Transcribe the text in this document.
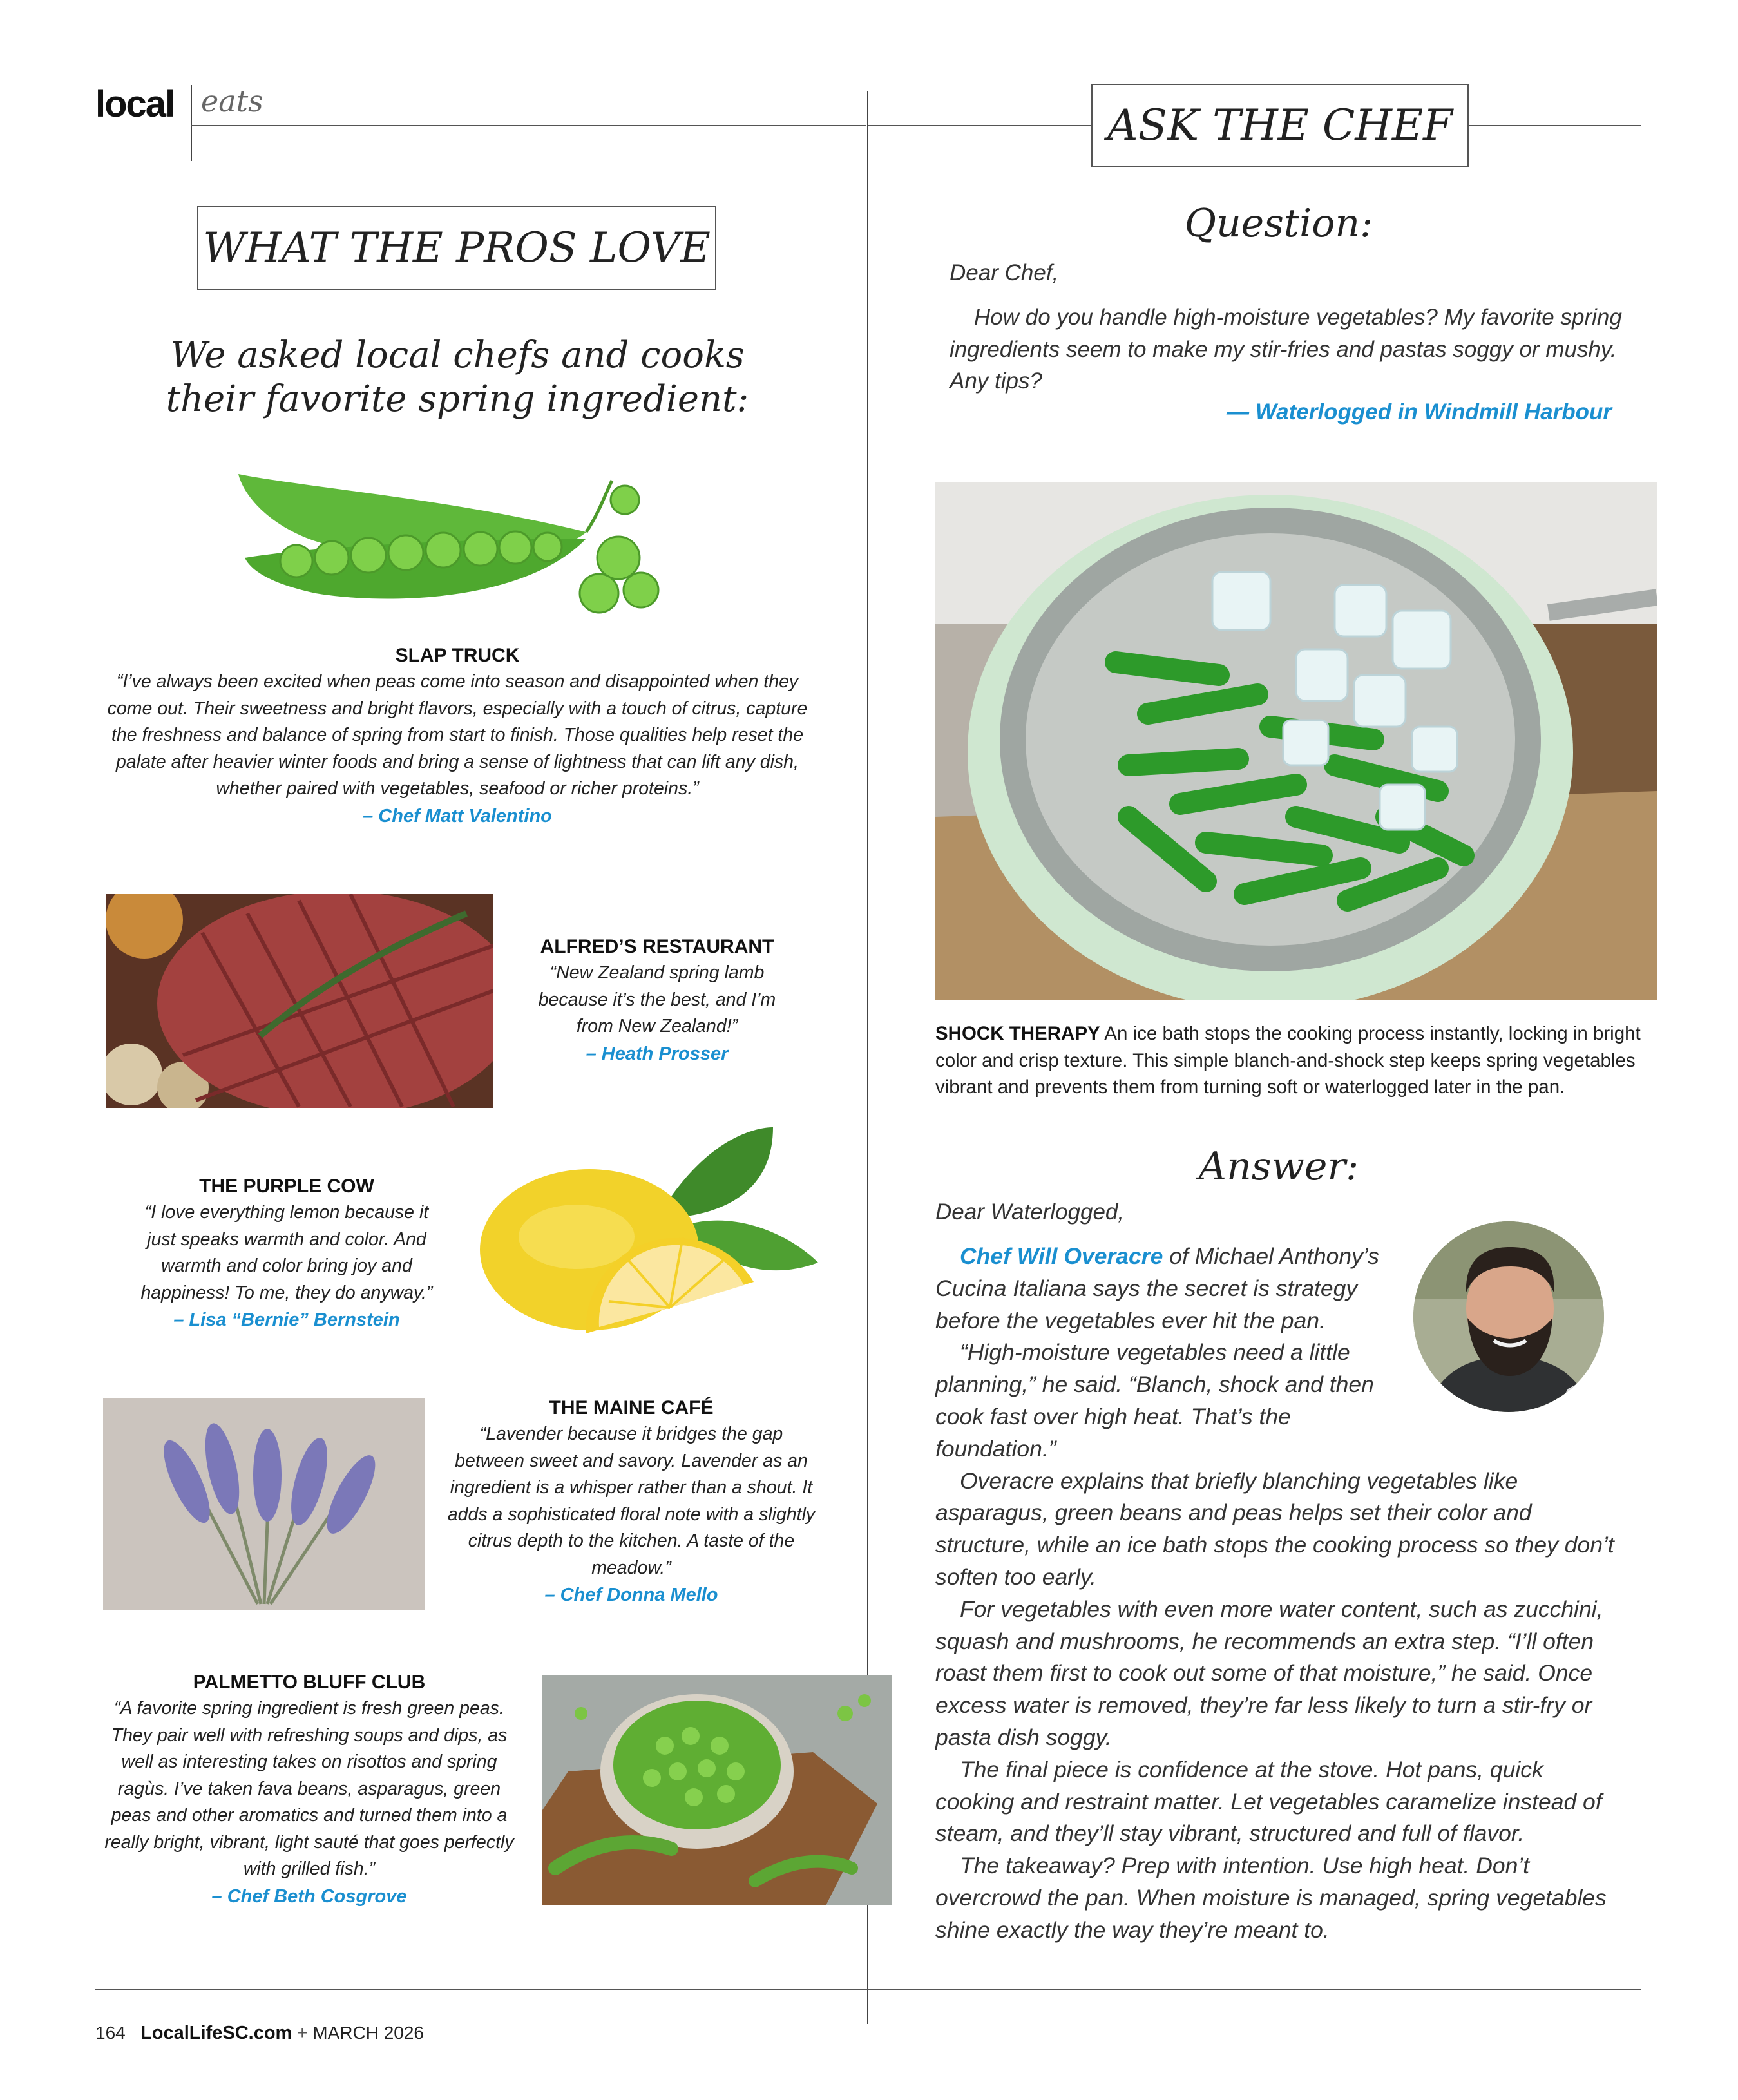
local eats	ASK THE CHEF
WHAT THE PROS LOVE
We asked local chefs and cooks their favorite spring ingredient:
SLAP TRUCK
“I’ve always been excited when peas come into season and disappointed when they come out. Their sweetness and bright flavors, especially with a touch of citrus, capture the freshness and balance of spring from start to finish. Those qualities help reset the palate after heavier winter foods and bring a sense of lightness that can lift any dish, whether paired with vegetables, seafood or richer proteins.”
– Chef Matt Valentino
ALFRED’S RESTAURANT
“New Zealand spring lamb because it’s the best, and I’m from New Zealand!”
– Heath Prosser
THE PURPLE COW
“I love everything lemon because it just speaks warmth and color. And warmth and color bring joy and happiness! To me, they do anyway.”
– Lisa “Bernie” Bernstein
THE MAINE CAFÉ
“Lavender because it bridges the gap between sweet and savory. Lavender as an ingredient is a whisper rather than a shout. It adds a sophisticated floral note with a slightly citrus depth to the kitchen. A taste of the meadow.”
– Chef Donna Mello
PALMETTO BLUFF CLUB
“A favorite spring ingredient is fresh green peas. They pair well with refreshing soups and dips, as well as interesting takes on risottos and spring ragùs. I’ve taken fava beans, asparagus, green peas and other aromatics and turned them into a really bright, vibrant, light sauté that goes perfectly with grilled fish.”
– Chef Beth Cosgrove
Question:
Dear Chef,
How do you handle high-moisture vegetables? My favorite spring ingredients seem to make my stir-fries and pastas soggy or mushy. Any tips?
— Waterlogged in Windmill Harbour
SHOCK THERAPY An ice bath stops the cooking process instantly, locking in bright color and crisp texture. This simple blanch-and-shock step keeps spring vegetables vibrant and prevents them from turning soft or waterlogged later in the pan.
Answer:
Dear Waterlogged,

Chef Will Overacre of Michael Anthony’s Cucina Italiana says the secret is strategy before the vegetables ever hit the pan.

“High-moisture vegetables need a little planning,” he said. “Blanch, shock and then cook fast over high heat. That’s the foundation.”

Overacre explains that briefly blanching vegetables like asparagus, green beans and peas helps set their color and structure, while an ice bath stops the cooking process so they don’t soften too early.

For vegetables with even more water content, such as zucchini, squash and mushrooms, he recommends an extra step. “I’ll often roast them first to cook out some of that moisture,” he said. Once excess water is removed, they’re far less likely to turn a stir-fry or pasta dish soggy.

The final piece is confidence at the stove. Hot pans, quick cooking and restraint matter. Let vegetables caramelize instead of steam, and they’ll stay vibrant, structured and full of flavor.

The takeaway? Prep with intention. Use high heat. Don’t overcrowd the pan. When moisture is managed, spring vegetables shine exactly the way they’re meant to.

164 LocalLifeSC.com + MARCH 2026
